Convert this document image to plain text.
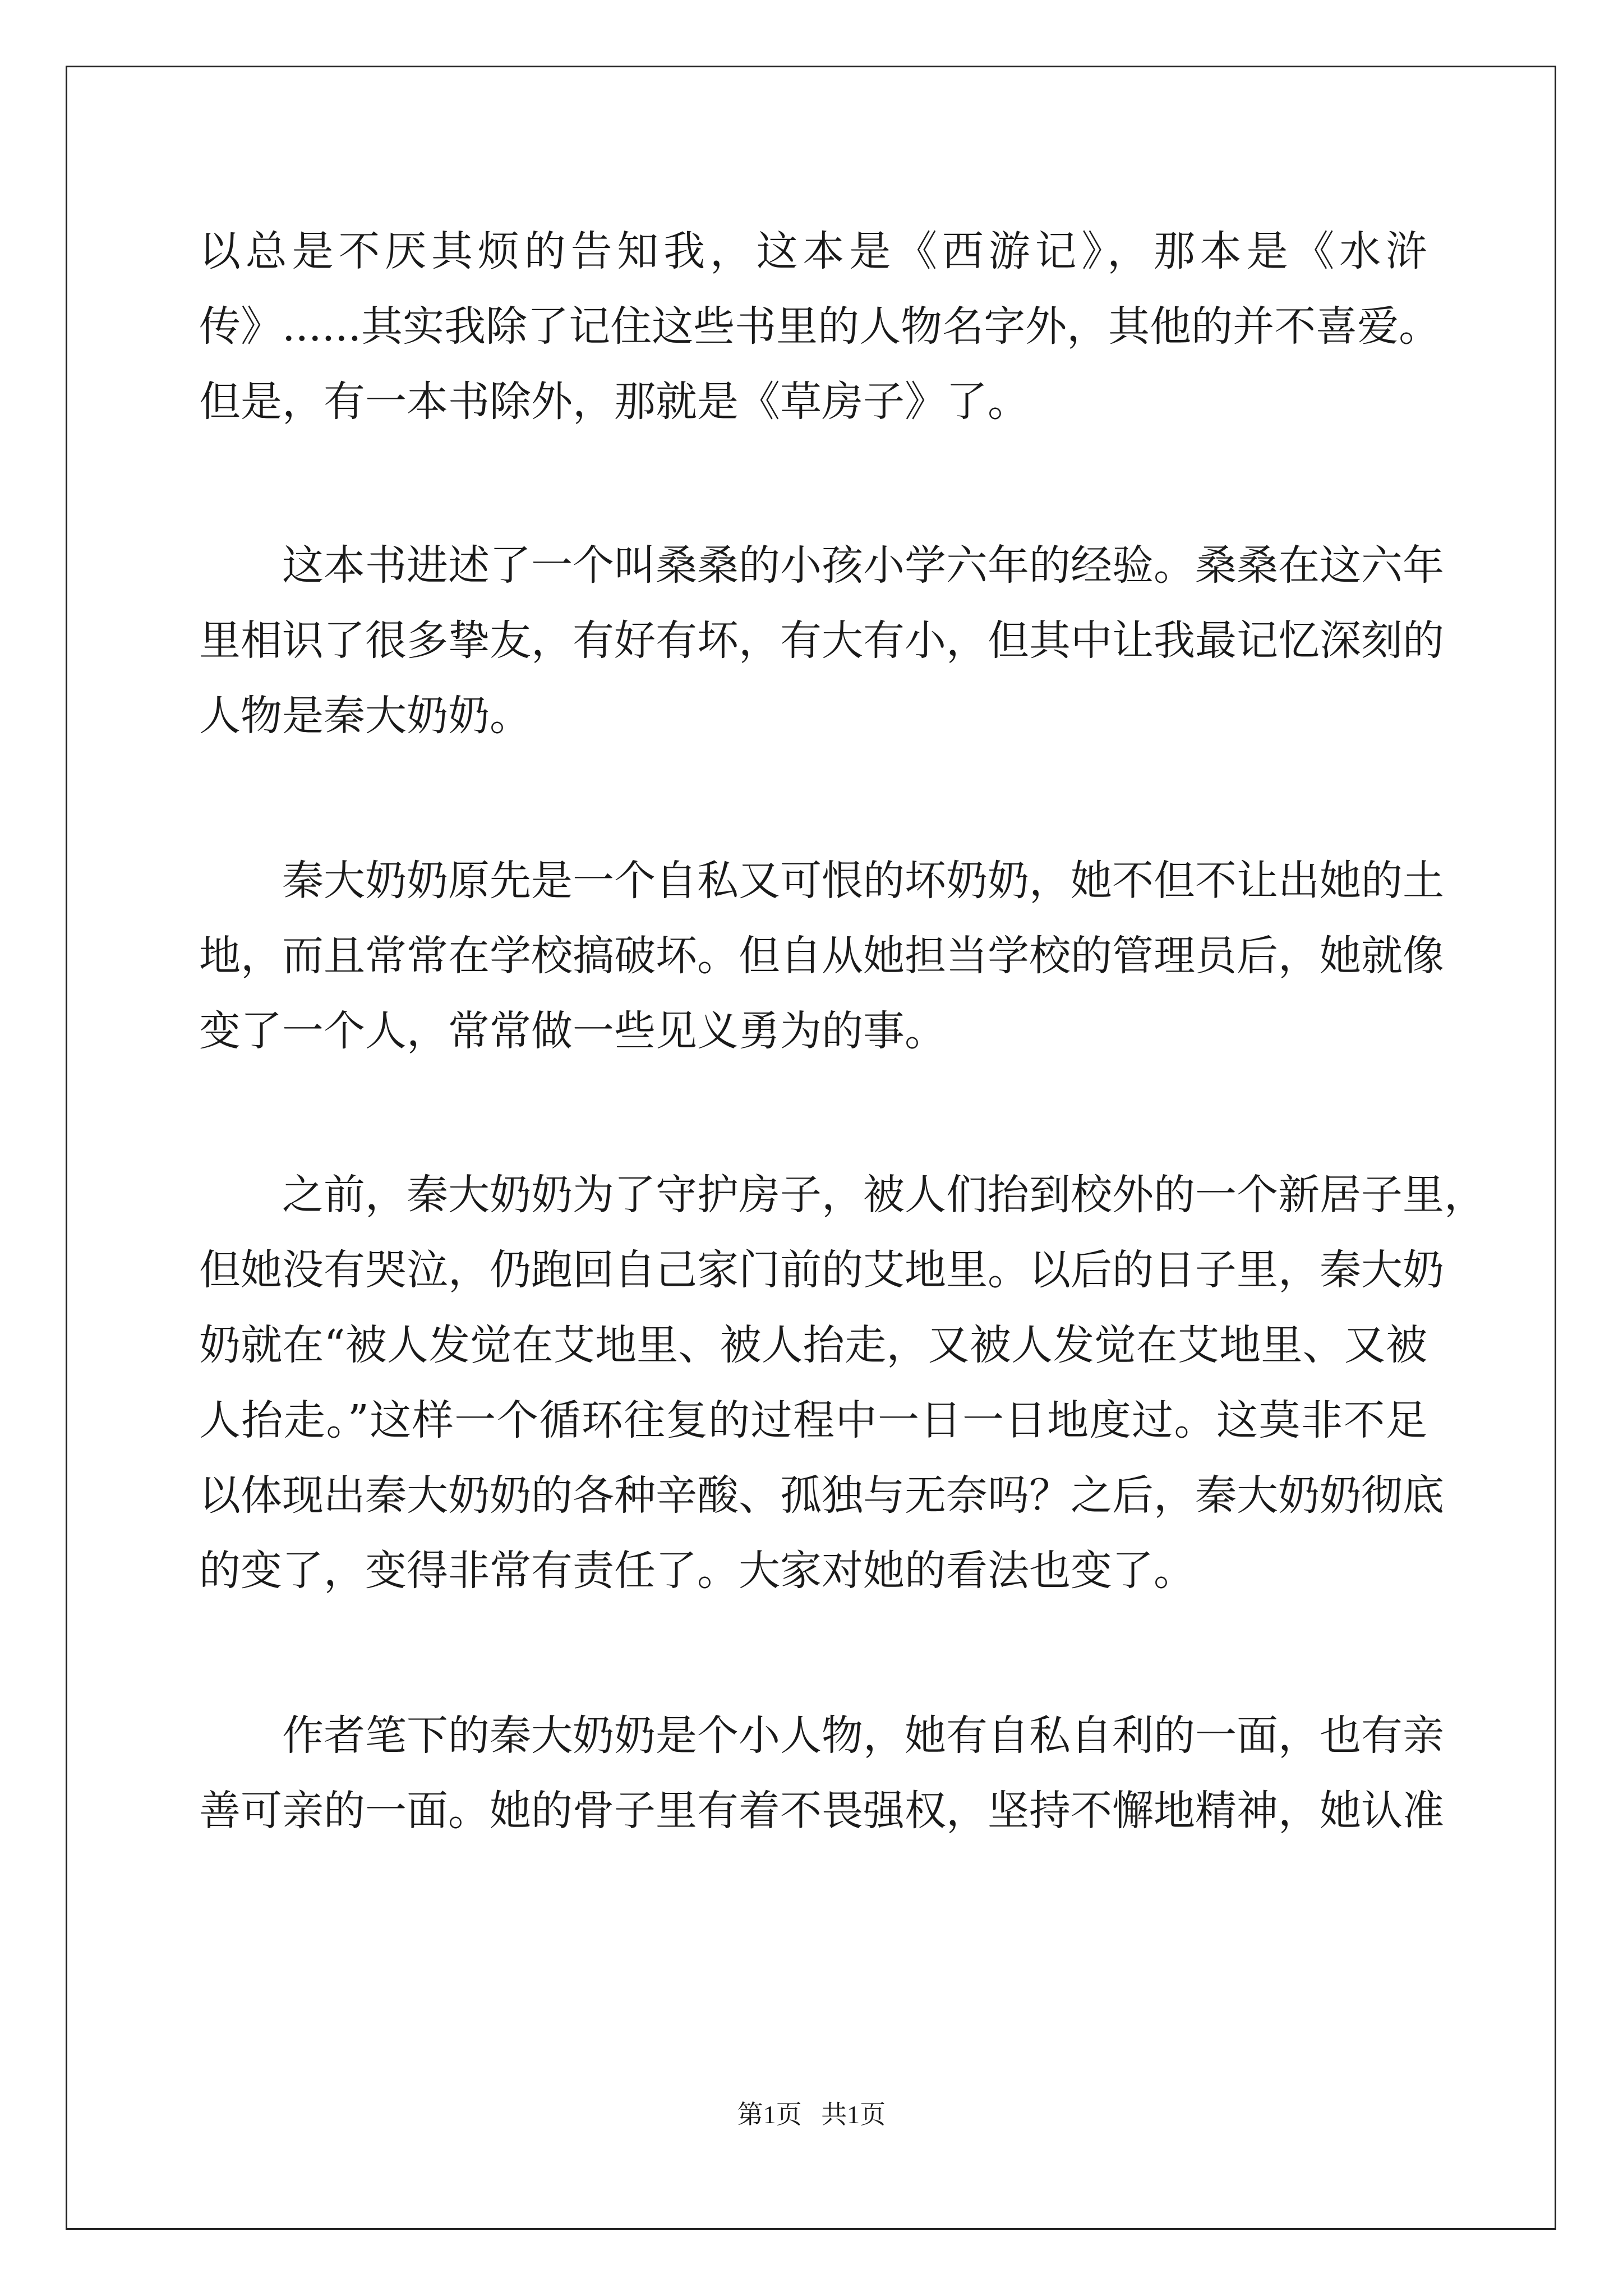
以总是不厌其烦的告知我，这本是《西游记》，那本是《水浒
传》......其实我除了记住这些书里的人物名字外，其他的并不喜爱。
但是，有一本书除外，那就是《草房子》了。
这本书进述了一个叫桑桑的小孩小学六年的经验。桑桑在这六年
里相识了很多挚友，有好有坏，有大有小，但其中让我最记忆深刻的
人物是秦大奶奶。
秦大奶奶原先是一个自私又可恨的坏奶奶，她不但不让出她的土
地，而且常常在学校搞破坏。但自从她担当学校的管理员后，她就像
变了一个人，常常做一些见义勇为的事。
之前，秦大奶奶为了守护房子，被人们抬到校外的一个新居子里，
但她没有哭泣，仍跑回自己家门前的艾地里。以后的日子里，秦大奶
奶就在“被人发觉在艾地里、被人抬走，又被人发觉在艾地里、又被
人抬走。”这样一个循环往复的过程中一日一日地度过。这莫非不足
以体现出秦大奶奶的各种辛酸、孤独与无奈吗？之后，秦大奶奶彻底
的变了，变得非常有责任了。大家对她的看法也变了。
作者笔下的秦大奶奶是个小人物，她有自私自利的一面，也有亲
善可亲的一面。她的骨子里有着不畏强权，坚持不懈地精神，她认准
第1页   共1页
